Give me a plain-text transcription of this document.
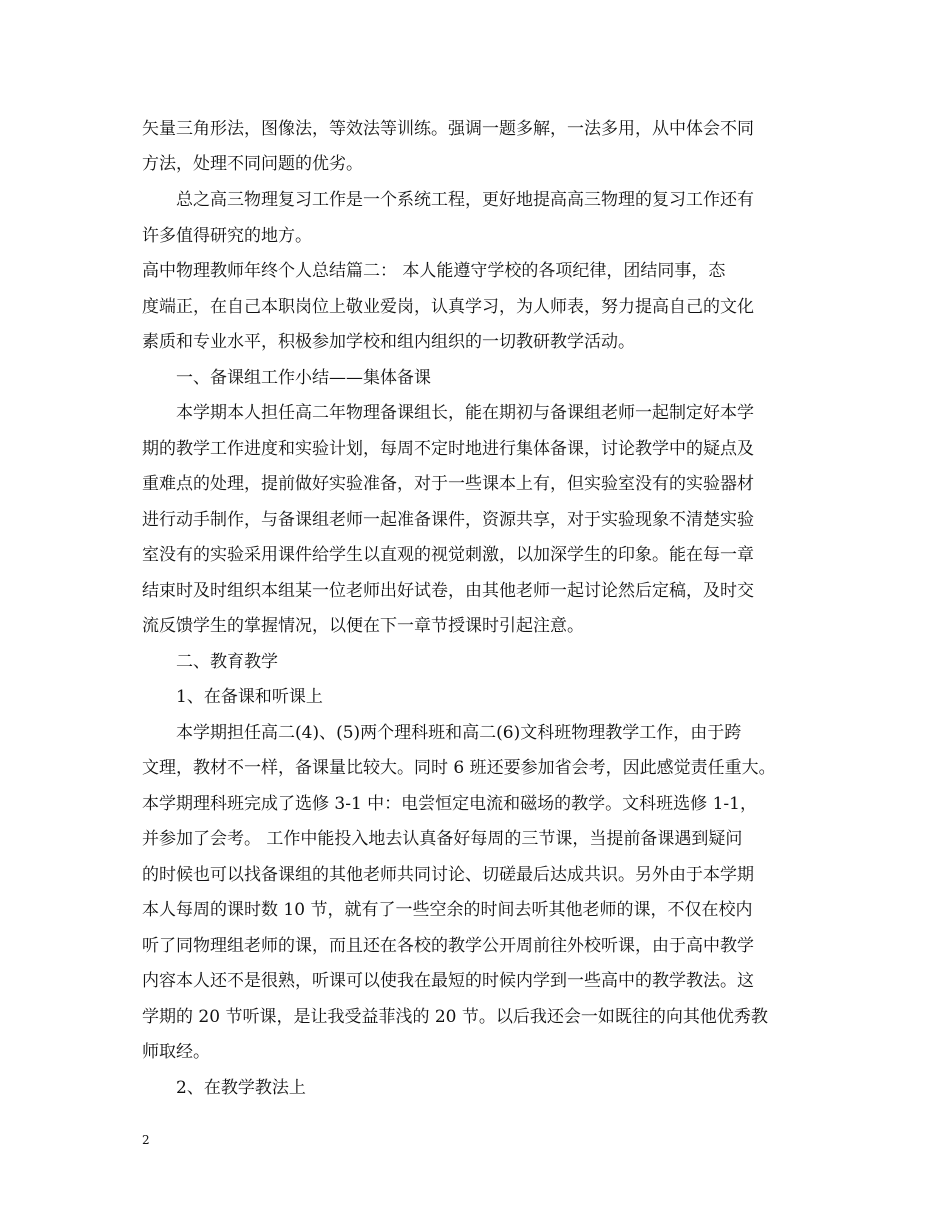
矢量三角形法，图像法，等效法等训练。强调一题多解，一法多用，从中体会不同
方法，处理不同问题的优劣。
总之高三物理复习工作是一个系统工程，更好地提高高三物理的复习工作还有
许多值得研究的地方。
高中物理教师年终个人总结篇二： 本人能遵守学校的各项纪律，团结同事，态
度端正，在自己本职岗位上敬业爱岗，认真学习，为人师表，努力提高自己的文化
素质和专业水平，积极参加学校和组内组织的一切教研教学活动。
一、备课组工作小结——集体备课
本学期本人担任高二年物理备课组长，能在期初与备课组老师一起制定好本学
期的教学工作进度和实验计划，每周不定时地进行集体备课，讨论教学中的疑点及
重难点的处理，提前做好实验准备，对于一些课本上有，但实验室没有的实验器材
进行动手制作，与备课组老师一起准备课件，资源共享，对于实验现象不清楚实验
室没有的实验采用课件给学生以直观的视觉刺激，以加深学生的印象。能在每一章
结束时及时组织本组某一位老师出好试卷，由其他老师一起讨论然后定稿，及时交
流反馈学生的掌握情况，以便在下一章节授课时引起注意。
二、教育教学
1、在备课和听课上
本学期担任高二(4)、(5)两个理科班和高二(6)文科班物理教学工作，由于跨
文理，教材不一样，备课量比较大。同时 6 班还要参加省会考，因此感觉责任重大。
本学期理科班完成了选修 3-1 中：电尝恒定电流和磁场的教学。文科班选修 1-1，
并参加了会考。 工作中能投入地去认真备好每周的三节课，当提前备课遇到疑问
的时候也可以找备课组的其他老师共同讨论、切磋最后达成共识。另外由于本学期
本人每周的课时数 10 节，就有了一些空余的时间去听其他老师的课，不仅在校内
听了同物理组老师的课，而且还在各校的教学公开周前往外校听课，由于高中教学
内容本人还不是很熟，听课可以使我在最短的时候内学到一些高中的教学教法。这
学期的 20 节听课，是让我受益菲浅的 20 节。以后我还会一如既往的向其他优秀教
师取经。
2、在教学教法上
2
